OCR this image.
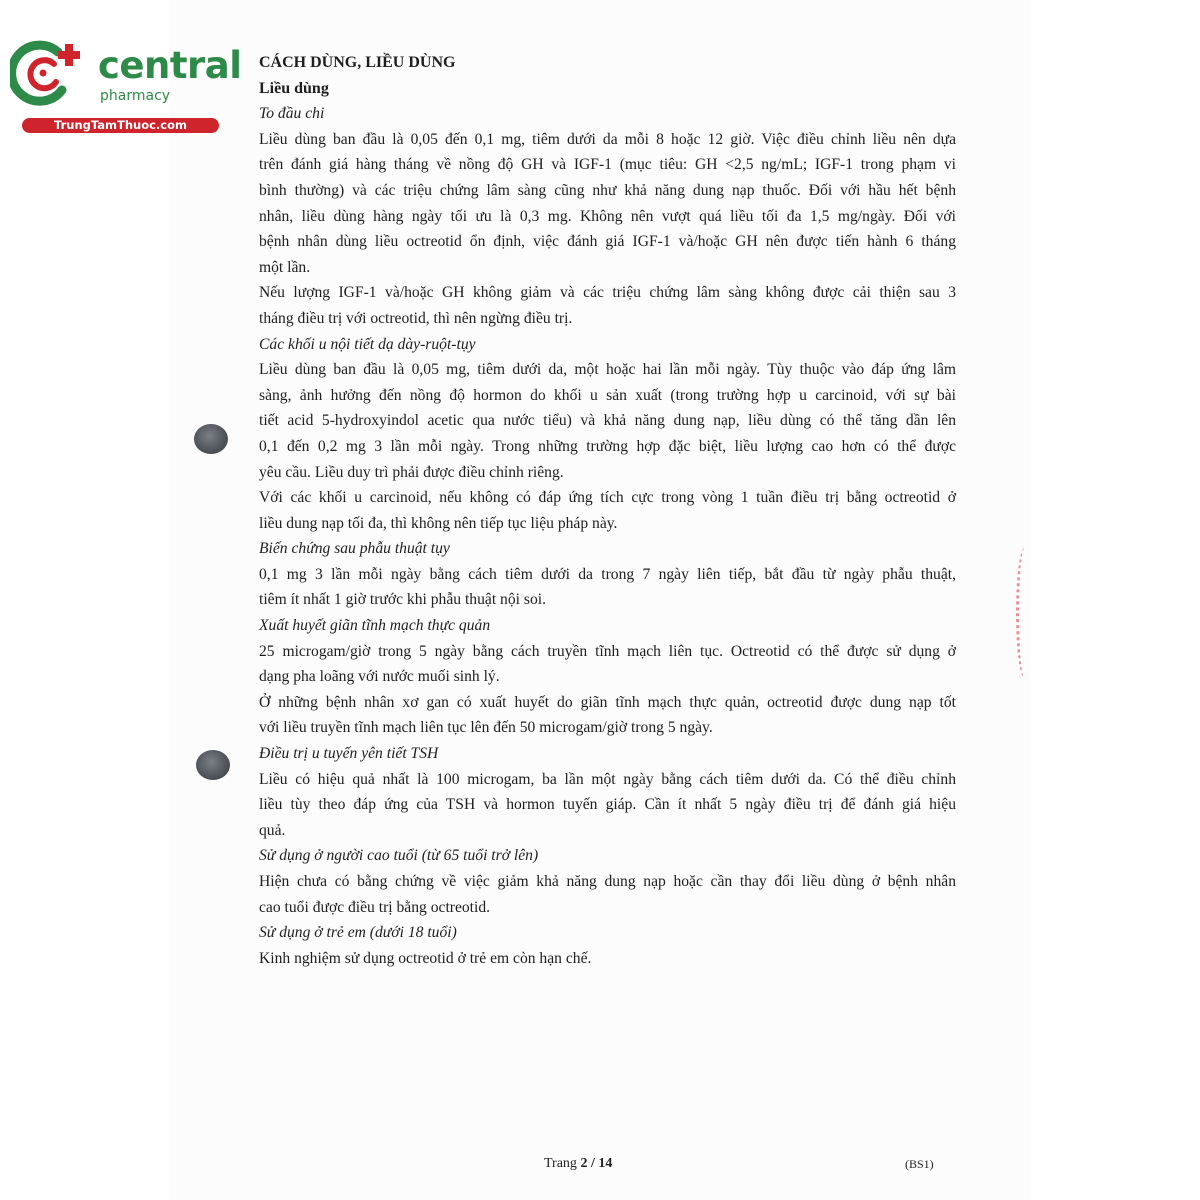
central
pharmacy
TrungTamThuoc.com

CÁCH DÙNG, LIỀU DÙNG

Liều dùng

To đầu chi

Liều dùng ban đầu là 0,05 đến 0,1 mg, tiêm dưới da mỗi 8 hoặc 12 giờ. Việc điều chỉnh liều nên dựa
trên đánh giá hàng tháng về nồng độ GH và IGF-1 (mục tiêu: GH <2,5 ng/mL; IGF-1 trong phạm vi
bình thường) và các triệu chứng lâm sàng cũng như khả năng dung nạp thuốc. Đối với hầu hết bệnh
nhân, liều dùng hàng ngày tối ưu là 0,3 mg. Không nên vượt quá liều tối đa 1,5 mg/ngày. Đối với
bệnh nhân dùng liều octreotid ổn định, việc đánh giá IGF-1 và/hoặc GH nên được tiến hành 6 tháng
một lần.

Nếu lượng IGF-1 và/hoặc GH không giảm và các triệu chứng lâm sàng không được cải thiện sau 3
tháng điều trị với octreotid, thì nên ngừng điều trị.

Các khối u nội tiết dạ dày-ruột-tụy

Liều dùng ban đầu là 0,05 mg, tiêm dưới da, một hoặc hai lần mỗi ngày. Tùy thuộc vào đáp ứng lâm
sàng, ảnh hưởng đến nồng độ hormon do khối u sản xuất (trong trường hợp u carcinoid, với sự bài
tiết acid 5-hydroxyindol acetic qua nước tiểu) và khả năng dung nạp, liều dùng có thể tăng dần lên
0,1 đến 0,2 mg 3 lần mỗi ngày. Trong những trường hợp đặc biệt, liều lượng cao hơn có thể được
yêu cầu. Liều duy trì phải được điều chỉnh riêng.

Với các khối u carcinoid, nếu không có đáp ứng tích cực trong vòng 1 tuần điều trị bằng octreotid ở
liều dung nạp tối đa, thì không nên tiếp tục liệu pháp này.

Biến chứng sau phẫu thuật tụy

0,1 mg 3 lần mỗi ngày bằng cách tiêm dưới da trong 7 ngày liên tiếp, bắt đầu từ ngày phẫu thuật,
tiêm ít nhất 1 giờ trước khi phẫu thuật nội soi.

Xuất huyết giãn tĩnh mạch thực quản

25 microgam/giờ trong 5 ngày bằng cách truyền tĩnh mạch liên tục. Octreotid có thể được sử dụng ở
dạng pha loãng với nước muối sinh lý.

Ở những bệnh nhân xơ gan có xuất huyết do giãn tĩnh mạch thực quản, octreotid được dung nạp tốt
với liều truyền tĩnh mạch liên tục lên đến 50 microgam/giờ trong 5 ngày.

Điều trị u tuyến yên tiết TSH

Liều có hiệu quả nhất là 100 microgam, ba lần một ngày bằng cách tiêm dưới da. Có thể điều chỉnh
liều tùy theo đáp ứng của TSH và hormon tuyến giáp. Cần ít nhất 5 ngày điều trị để đánh giá hiệu
quả.

Sử dụng ở người cao tuổi (từ 65 tuổi trở lên)

Hiện chưa có bằng chứng về việc giảm khả năng dung nạp hoặc cần thay đổi liều dùng ở bệnh nhân
cao tuổi được điều trị bằng octreotid.

Sử dụng ở trẻ em (dưới 18 tuổi)

Kinh nghiệm sử dụng octreotid ở trẻ em còn hạn chế.

Trang 2 / 14	(BS1)
